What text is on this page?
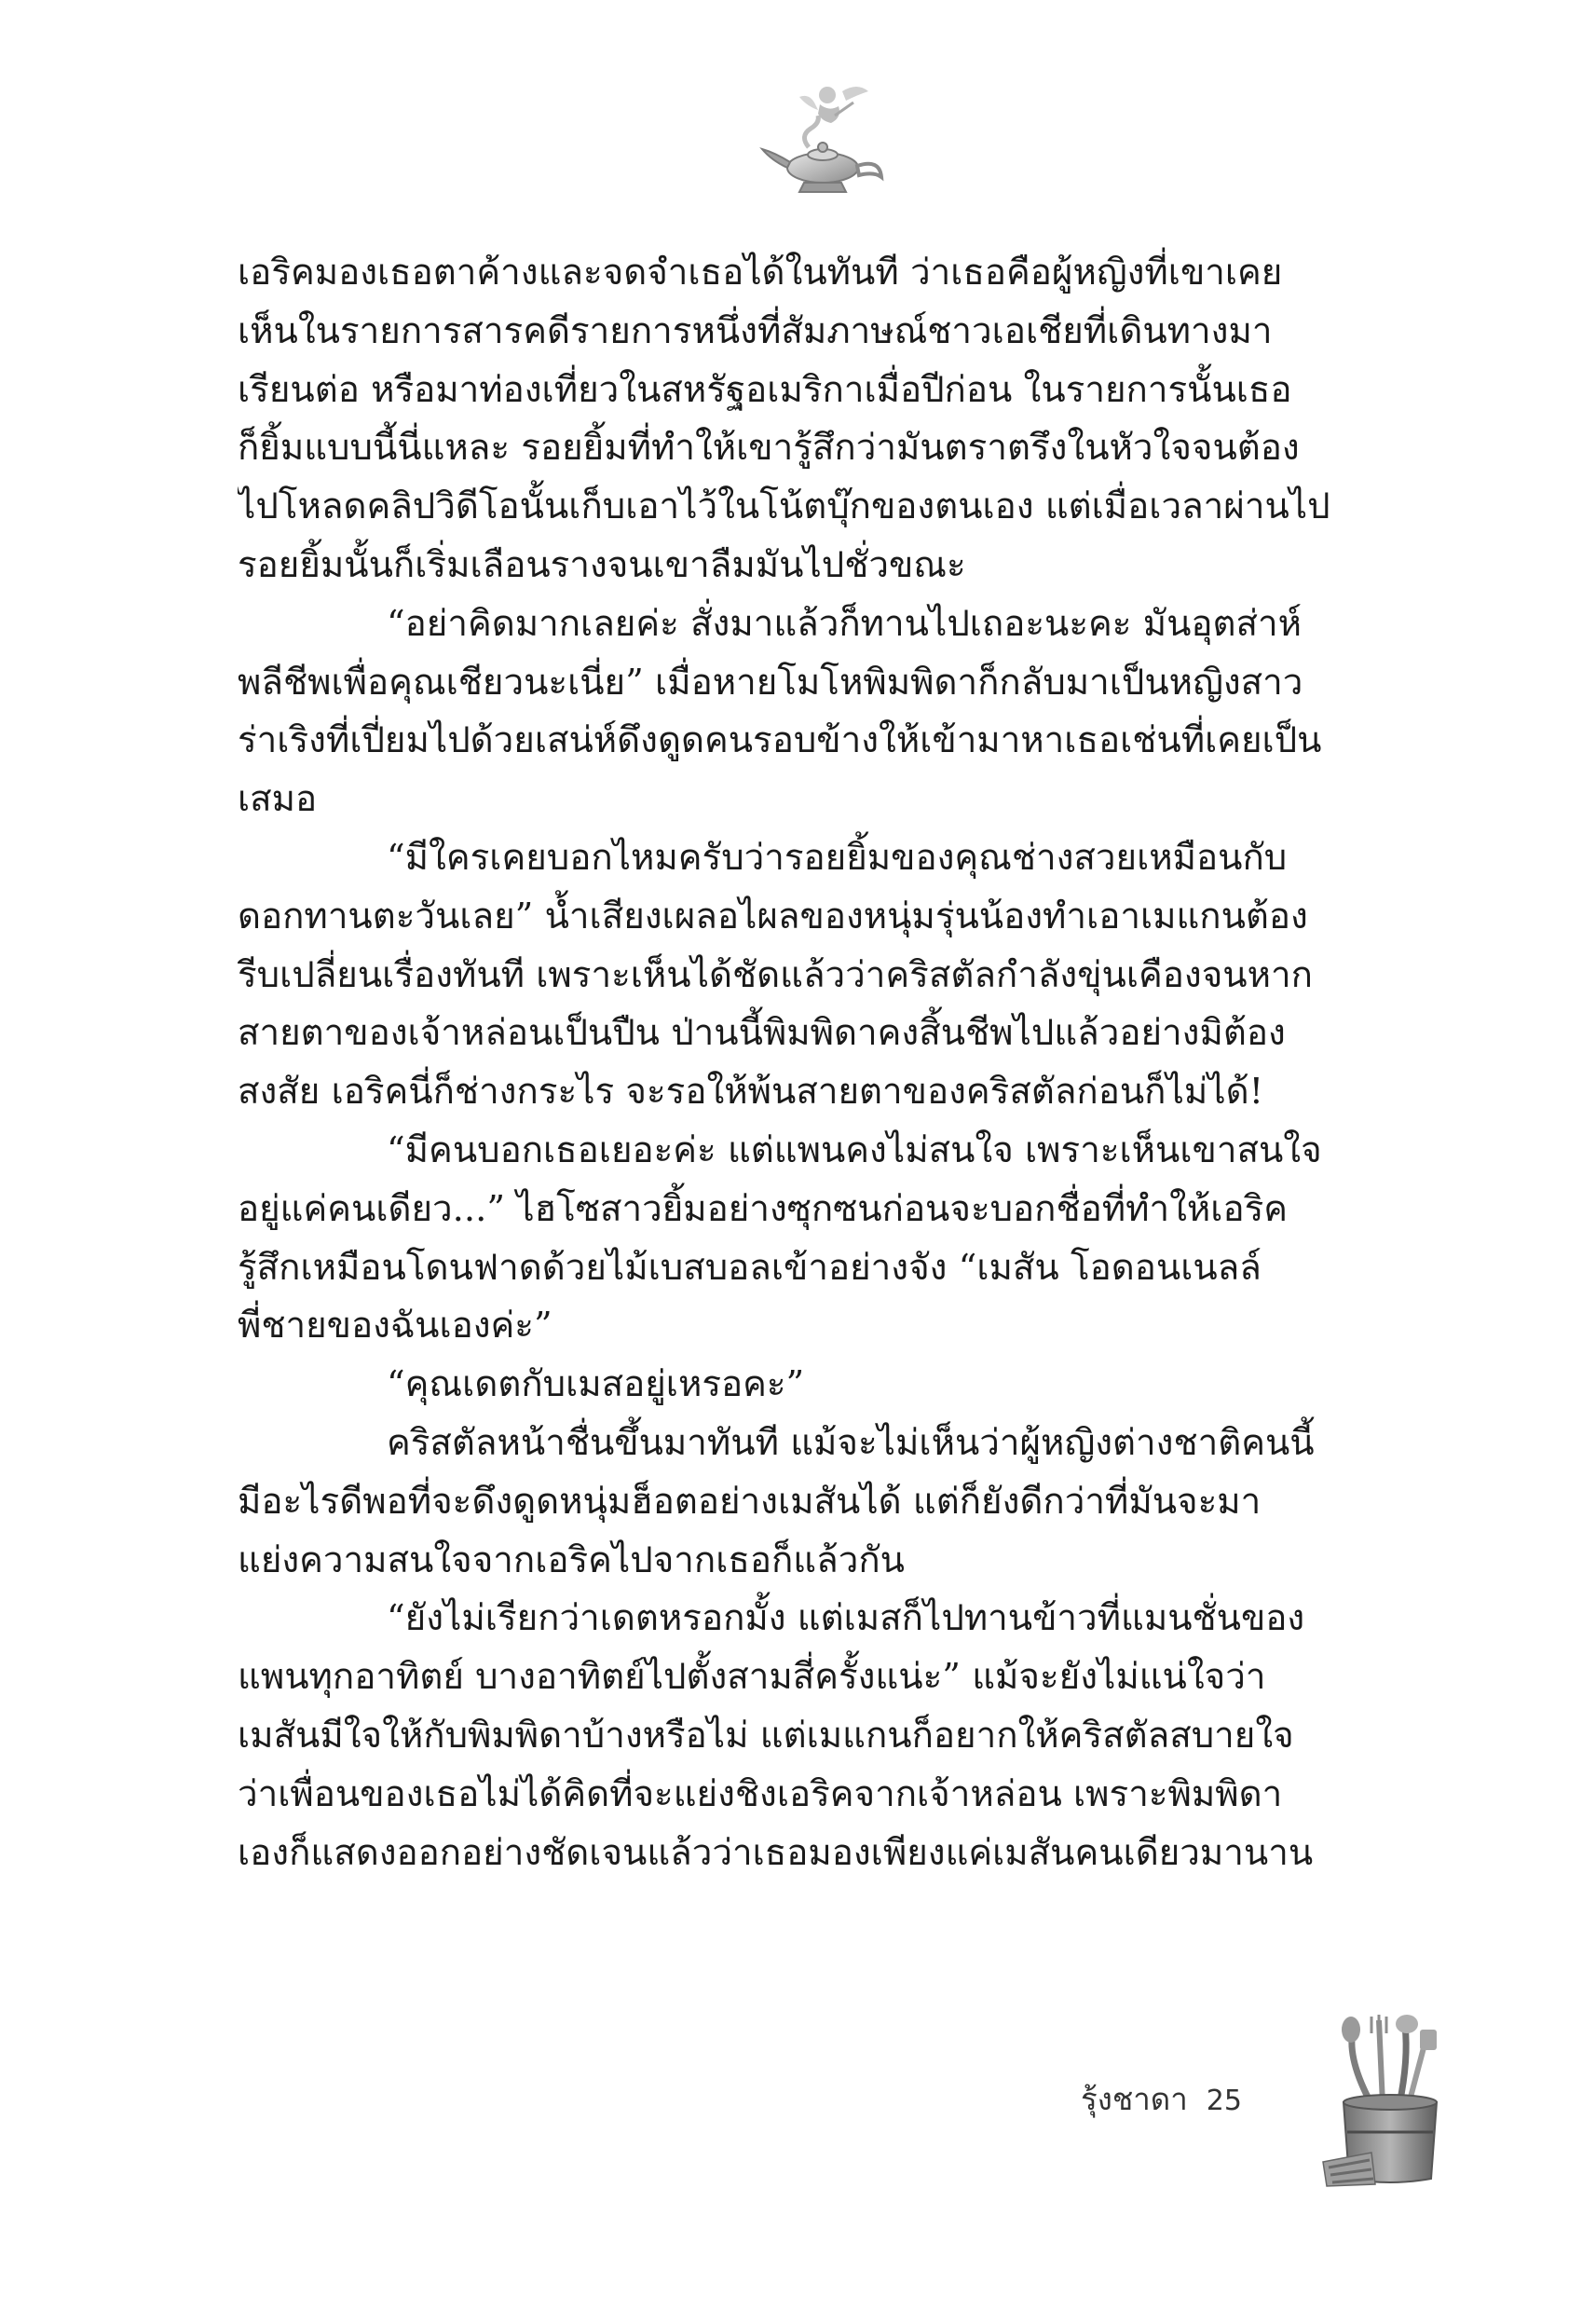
เอริคมองเธอตาค้างและจดจำเธอได้ในทันที ว่าเธอคือผู้หญิงที่เขาเคย
เห็นในรายการสารคดีรายการหนึ่งที่สัมภาษณ์ชาวเอเชียที่เดินทางมา
เรียนต่อ หรือมาท่องเที่ยวในสหรัฐอเมริกาเมื่อปีก่อน ในรายการนั้นเธอ
ก็ยิ้มแบบนี้นี่แหละ รอยยิ้มที่ทำให้เขารู้สึกว่ามันตราตรึงในหัวใจจนต้อง
ไปโหลดคลิปวิดีโอนั้นเก็บเอาไว้ในโน้ตบุ๊กของตนเอง แต่เมื่อเวลาผ่านไป
รอยยิ้มนั้นก็เริ่มเลือนรางจนเขาลืมมันไปชั่วขณะ
“อย่าคิดมากเลยค่ะ สั่งมาแล้วก็ทานไปเถอะนะคะ มันอุตส่าห์
พลีชีพเพื่อคุณเชียวนะเนี่ย” เมื่อหายโมโหพิมพิดาก็กลับมาเป็นหญิงสาว
ร่าเริงที่เปี่ยมไปด้วยเสน่ห์ดึงดูดคนรอบข้างให้เข้ามาหาเธอเช่นที่เคยเป็น
เสมอ
“มีใครเคยบอกไหมครับว่ารอยยิ้มของคุณช่างสวยเหมือนกับ
ดอกทานตะวันเลย” น้ำเสียงเผลอไผลของหนุ่มรุ่นน้องทำเอาเมแกนต้อง
รีบเปลี่ยนเรื่องทันที เพราะเห็นได้ชัดแล้วว่าคริสตัลกำลังขุ่นเคืองจนหาก
สายตาของเจ้าหล่อนเป็นปืน ป่านนี้พิมพิดาคงสิ้นชีพไปแล้วอย่างมิต้อง
สงสัย เอริคนี่ก็ช่างกระไร จะรอให้พ้นสายตาของคริสตัลก่อนก็ไม่ได้!
“มีคนบอกเธอเยอะค่ะ แต่แพนคงไม่สนใจ เพราะเห็นเขาสนใจ
อยู่แค่คนเดียว...” ไฮโซสาวยิ้มอย่างซุกซนก่อนจะบอกชื่อที่ทำให้เอริค
รู้สึกเหมือนโดนฟาดด้วยไม้เบสบอลเข้าอย่างจัง “เมสัน โอดอนเนลล์
พี่ชายของฉันเองค่ะ”
“คุณเดตกับเมสอยู่เหรอคะ”
คริสตัลหน้าชื่นขึ้นมาทันที แม้จะไม่เห็นว่าผู้หญิงต่างชาติคนนี้
มีอะไรดีพอที่จะดึงดูดหนุ่มฮ็อตอย่างเมสันได้ แต่ก็ยังดีกว่าที่มันจะมา
แย่งความสนใจจากเอริคไปจากเธอก็แล้วกัน
“ยังไม่เรียกว่าเดตหรอกมั้ง แต่เมสก็ไปทานข้าวที่แมนชั่นของ
แพนทุกอาทิตย์ บางอาทิตย์ไปตั้งสามสี่ครั้งแน่ะ” แม้จะยังไม่แน่ใจว่า
เมสันมีใจให้กับพิมพิดาบ้างหรือไม่ แต่เมแกนก็อยากให้คริสตัลสบายใจ
ว่าเพื่อนของเธอไม่ได้คิดที่จะแย่งชิงเอริคจากเจ้าหล่อน เพราะพิมพิดา
เองก็แสดงออกอย่างชัดเจนแล้วว่าเธอมองเพียงแค่เมสันคนเดียวมานาน
รุ้งชาดา 25
